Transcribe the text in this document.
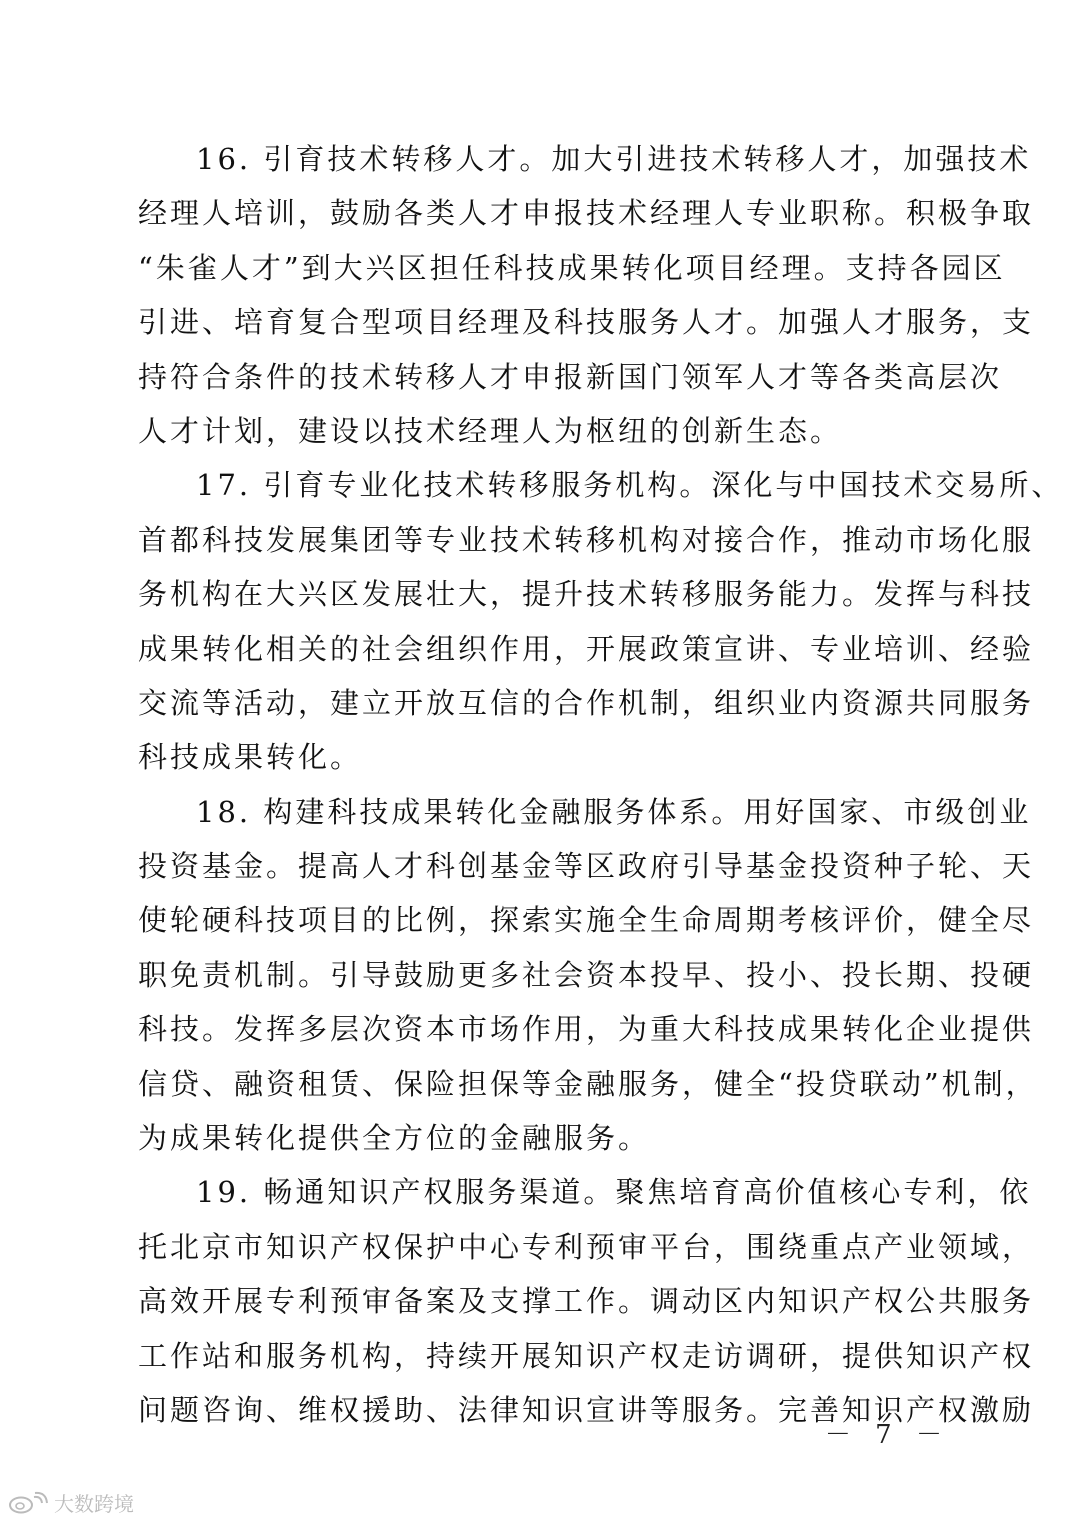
16. 引育技术转移人才。加大引进技术转移人才，加强技术
经理人培训，鼓励各类人才申报技术经理人专业职称。积极争取
“朱雀人才”到大兴区担任科技成果转化项目经理。支持各园区
引进、培育复合型项目经理及科技服务人才。加强人才服务，支
持符合条件的技术转移人才申报新国门领军人才等各类高层次
人才计划，建设以技术经理人为枢纽的创新生态。
17. 引育专业化技术转移服务机构。深化与中国技术交易所、
首都科技发展集团等专业技术转移机构对接合作，推动市场化服
务机构在大兴区发展壮大，提升技术转移服务能力。发挥与科技
成果转化相关的社会组织作用，开展政策宣讲、专业培训、经验
交流等活动，建立开放互信的合作机制，组织业内资源共同服务
科技成果转化。
18. 构建科技成果转化金融服务体系。用好国家、市级创业
投资基金。提高人才科创基金等区政府引导基金投资种子轮、天
使轮硬科技项目的比例，探索实施全生命周期考核评价，健全尽
职免责机制。引导鼓励更多社会资本投早、投小、投长期、投硬
科技。发挥多层次资本市场作用，为重大科技成果转化企业提供
信贷、融资租赁、保险担保等金融服务，健全“投贷联动”机制，
为成果转化提供全方位的金融服务。
19. 畅通知识产权服务渠道。聚焦培育高价值核心专利，依
托北京市知识产权保护中心专利预审平台，围绕重点产业领域，
高效开展专利预审备案及支撑工作。调动区内知识产权公共服务
工作站和服务机构，持续开展知识产权走访调研，提供知识产权
问题咨询、维权援助、法律知识宣讲等服务。完善知识产权激励
－ 7 －
大数跨境
